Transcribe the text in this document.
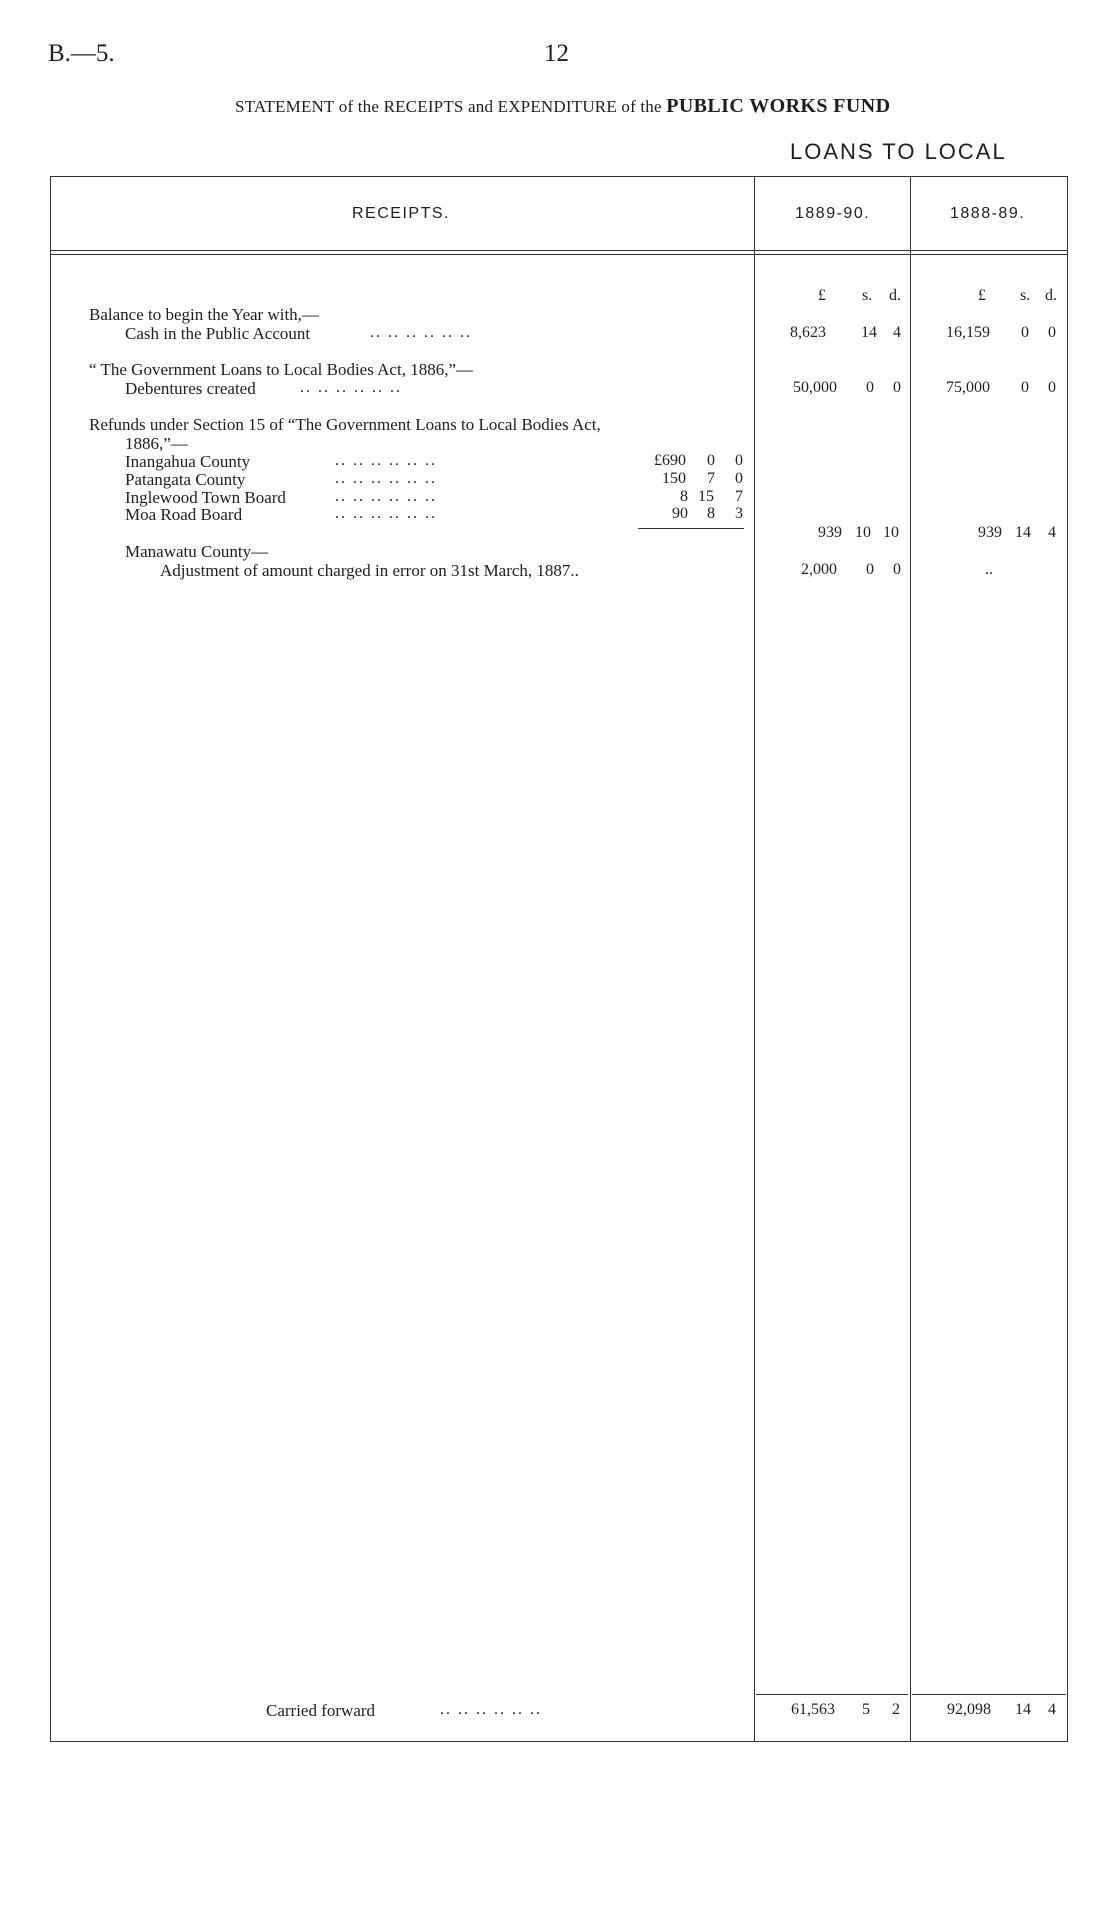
B.—5.	12
STATEMENT of the RECEIPTS and EXPENDITURE of the PUBLIC WORKS FUND
LOANS TO LOCAL
RECEIPTS.	1889-90.	1888-89.
£ s. d.	£ s. d.
Balance to begin the Year with,—
Cash in the Public Account	.. .. .. .. .. ..	8,623 14 4	16,159 0 0
“ The Government Loans to Local Bodies Act, 1886,”—
Debentures created	.. .. .. .. .. ..	50,000 0 0	75,000 0 0
Refunds under Section 15 of “The Government Loans to Local Bodies Act,
1886,”—
Inangahua County	.. .. .. .. .. ..	£690 0 0
Patangata County	.. .. .. .. .. ..	150 7 0
Inglewood Town Board	.. .. .. .. .. ..	8 15 7
Moa Road Board	.. .. .. .. .. ..	90 8 3
939 10 10	939 14 4
Manawatu County—
Adjustment of amount charged in error on 31st March, 1887..	2,000 0 0	..
Carried forward	.. .. .. .. .. ..	61,563 5 2	92,098 14 4
